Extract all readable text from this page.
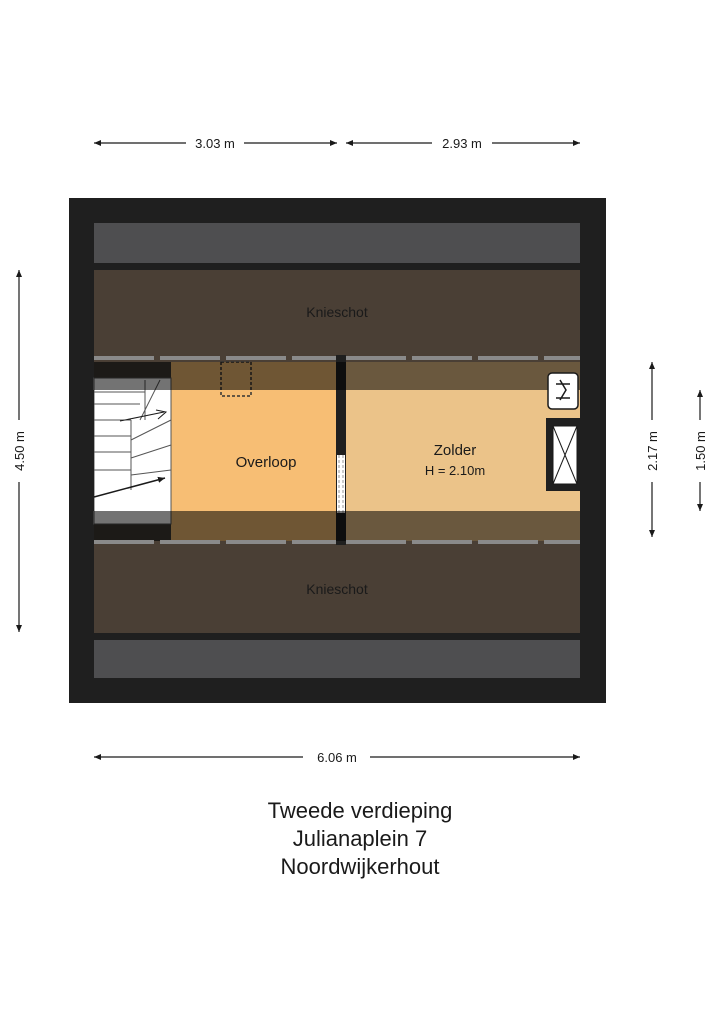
3.03 m	2.93 m
4.50 m	2.17 m	1.50 m
Knieschot
Knieschot
Overloop
Zolder
H = 2.10m
6.06 m
Tweede verdieping
Julianaplein 7
Noordwijkerhout
